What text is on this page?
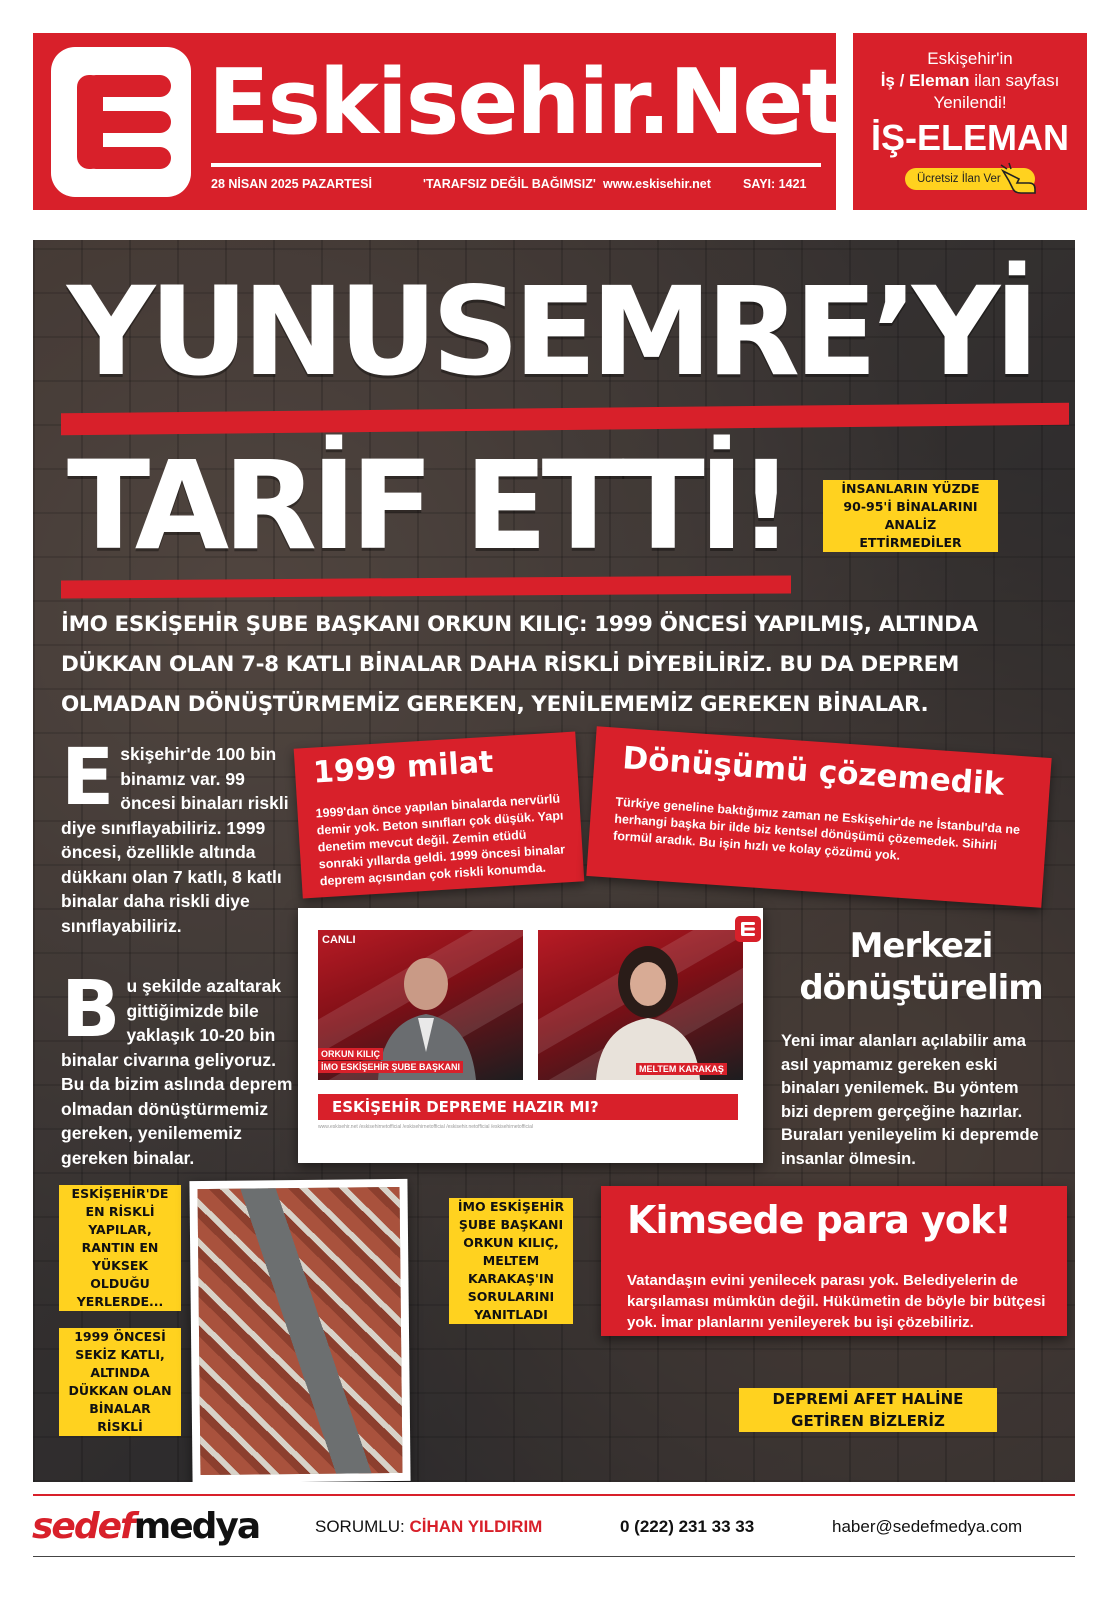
Eskisehir.Net
28 NİSAN 2025 PAZARTESİ	'TARAFSIZ DEĞİL BAĞIMSIZ' www.eskisehir.net	SAYI: 1421
Eskişehir'in
İş / Eleman ilan sayfası
Yenilendi!
İŞ-ELEMAN
Ücretsiz İlan Ver
YUNUSEMRE’Yİ
TARİF ETTİ!	İNSANLARIN YÜZDE
90-95'İ BİNALARINI
ANALİZ
ETTİRMEDİLER
İMO ESKİŞEHİR ŞUBE BAŞKANI ORKUN KILIÇ: 1999 ÖNCESİ YAPILMIŞ, ALTINDA DÜKKAN OLAN 7-8 KATLI BİNALAR DAHA RİSKLİ DİYEBİLİRİZ. BU DA DEPREM OLMADAN DÖNÜŞTÜRMEMİZ GEREKEN, YENİLEMEMİZ GEREKEN BİNALAR.
Eskişehir'de 100 bin binamız var. 99 öncesi binaları riskli diye sınıflayabiliriz. 1999 öncesi, özellikle altında dükkanı olan 7 katlı, 8 katlı binalar daha riskli diye sınıflayabiliriz.
Bu şekilde azaltarak gittiğimizde bile yaklaşık 10-20 bin binalar civarına geliyoruz. Bu da bizim aslında deprem olmadan dönüştürmemiz gereken, yenilememiz gereken binalar.
1999 milat
1999'dan önce yapılan binalarda nervürlü demir yok. Beton sınıfları çok düşük. Yapı denetim mevcut değil. Zemin etüdü sonraki yıllarda geldi. 1999 öncesi binalar deprem açısından çok riskli konumda.
Dönüşümü çözemedik
Türkiye geneline baktığımız zaman ne Eskişehir'de ne İstanbul'da ne herhangi başka bir ilde biz kentsel dönüşümü çözemedek. Sihirli formül aradık. Bu işin hızlı ve kolay çözümü yok.
ORKUN KILIÇ
İMO ESKİŞEHİR ŞUBE BAŞKANI
CANLI
MELTEM KARAKAŞ
ESKİŞEHİR DEPREME HAZIR MI?
www.eskisehir.net /eskisehirnetofficial /eskisehirnetofficial /eskisehir.netofficial /eskisehirnetofficial
Merkezi
dönüştürelim
Yeni imar alanları açılabilir ama asıl yapmamız gereken eski binaları yenilemek. Bu yöntem bizi deprem gerçeğine hazırlar. Buraları yenileyelim ki depremde insanlar ölmesin.
ESKİŞEHİR'DE
EN RİSKLİ
YAPILAR,
RANTIN EN
YÜKSEK
OLDUĞU
YERLERDE...
1999 ÖNCESİ
SEKİZ KATLI,
ALTINDA
DÜKKAN OLAN
BİNALAR
RİSKLİ
İMO ESKİŞEHİR
ŞUBE BAŞKANI
ORKUN KILIÇ,
MELTEM
KARAKAŞ'IN
SORULARINI
YANITLADI
Kimsede para yok!
Vatandaşın evini yenilecek parası yok. Belediyelerin de karşılaması mümkün değil. Hükümetin de böyle bir bütçesi yok. İmar planlarını yenileyerek bu işi çözebiliriz.
DEPREMİ AFET HALİNE
GETİREN BİZLERİZ
sedefmedya	SORUMLU: CİHAN YILDIRIM	0 (222) 231 33 33	haber@sedefmedya.com
